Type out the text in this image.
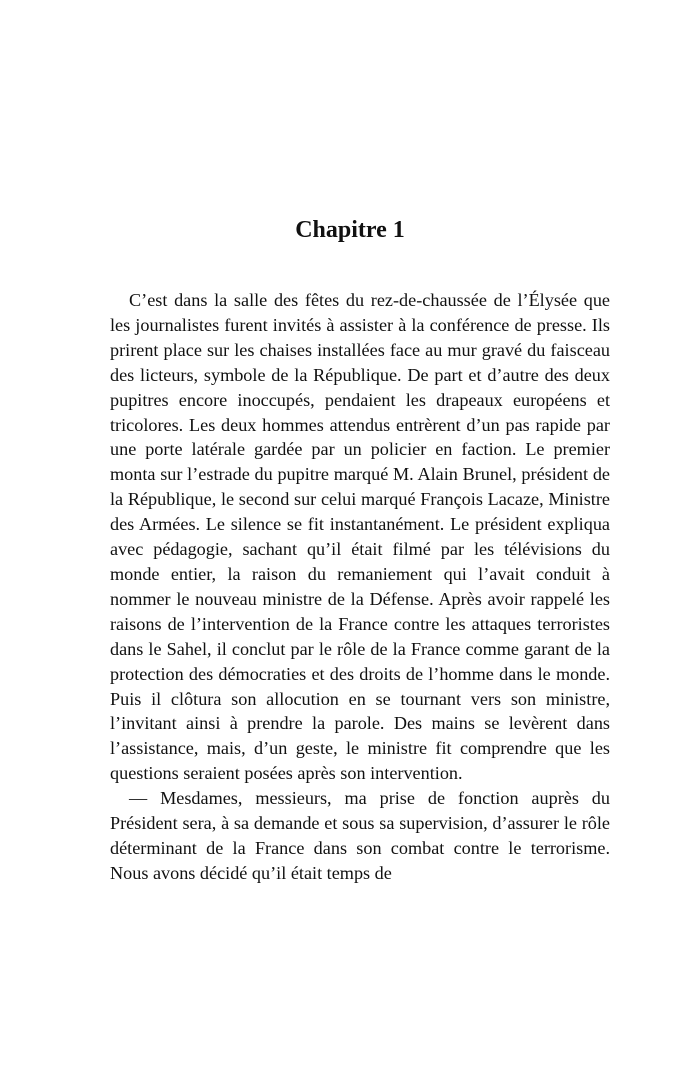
Chapitre 1

C’est dans la salle des fêtes du rez-de-chaussée de l’Élysée que les journalistes furent invités à assister à la conférence de presse. Ils prirent place sur les chaises installées face au mur gravé du faisceau des licteurs, symbole de la République. De part et d’autre des deux pupitres encore inoccupés, pendaient les drapeaux européens et tricolores. Les deux hommes attendus entrèrent d’un pas rapide par une porte latérale gardée par un policier en faction. Le premier monta sur l’estrade du pupitre marqué M. Alain Brunel, président de la République, le second sur celui marqué François Lacaze, Ministre des Armées. Le silence se fit instantanément. Le président expliqua avec pédagogie, sachant qu’il était filmé par les télévisions du monde entier, la raison du remaniement qui l’avait conduit à nommer le nouveau ministre de la Défense. Après avoir rappelé les raisons de l’intervention de la France contre les attaques terroristes dans le Sahel, il conclut par le rôle de la France comme garant de la protection des démocraties et des droits de l’homme dans le monde. Puis il clôtura son allocution en se tournant vers son ministre, l’invitant ainsi à prendre la parole. Des mains se levèrent dans l’assistance, mais, d’un geste, le ministre fit comprendre que les questions seraient posées après son intervention.

— Mesdames, messieurs, ma prise de fonction auprès du Président sera, à sa demande et sous sa supervision, d’assurer le rôle déterminant de la France dans son combat contre le terrorisme. Nous avons décidé qu’il était temps de
